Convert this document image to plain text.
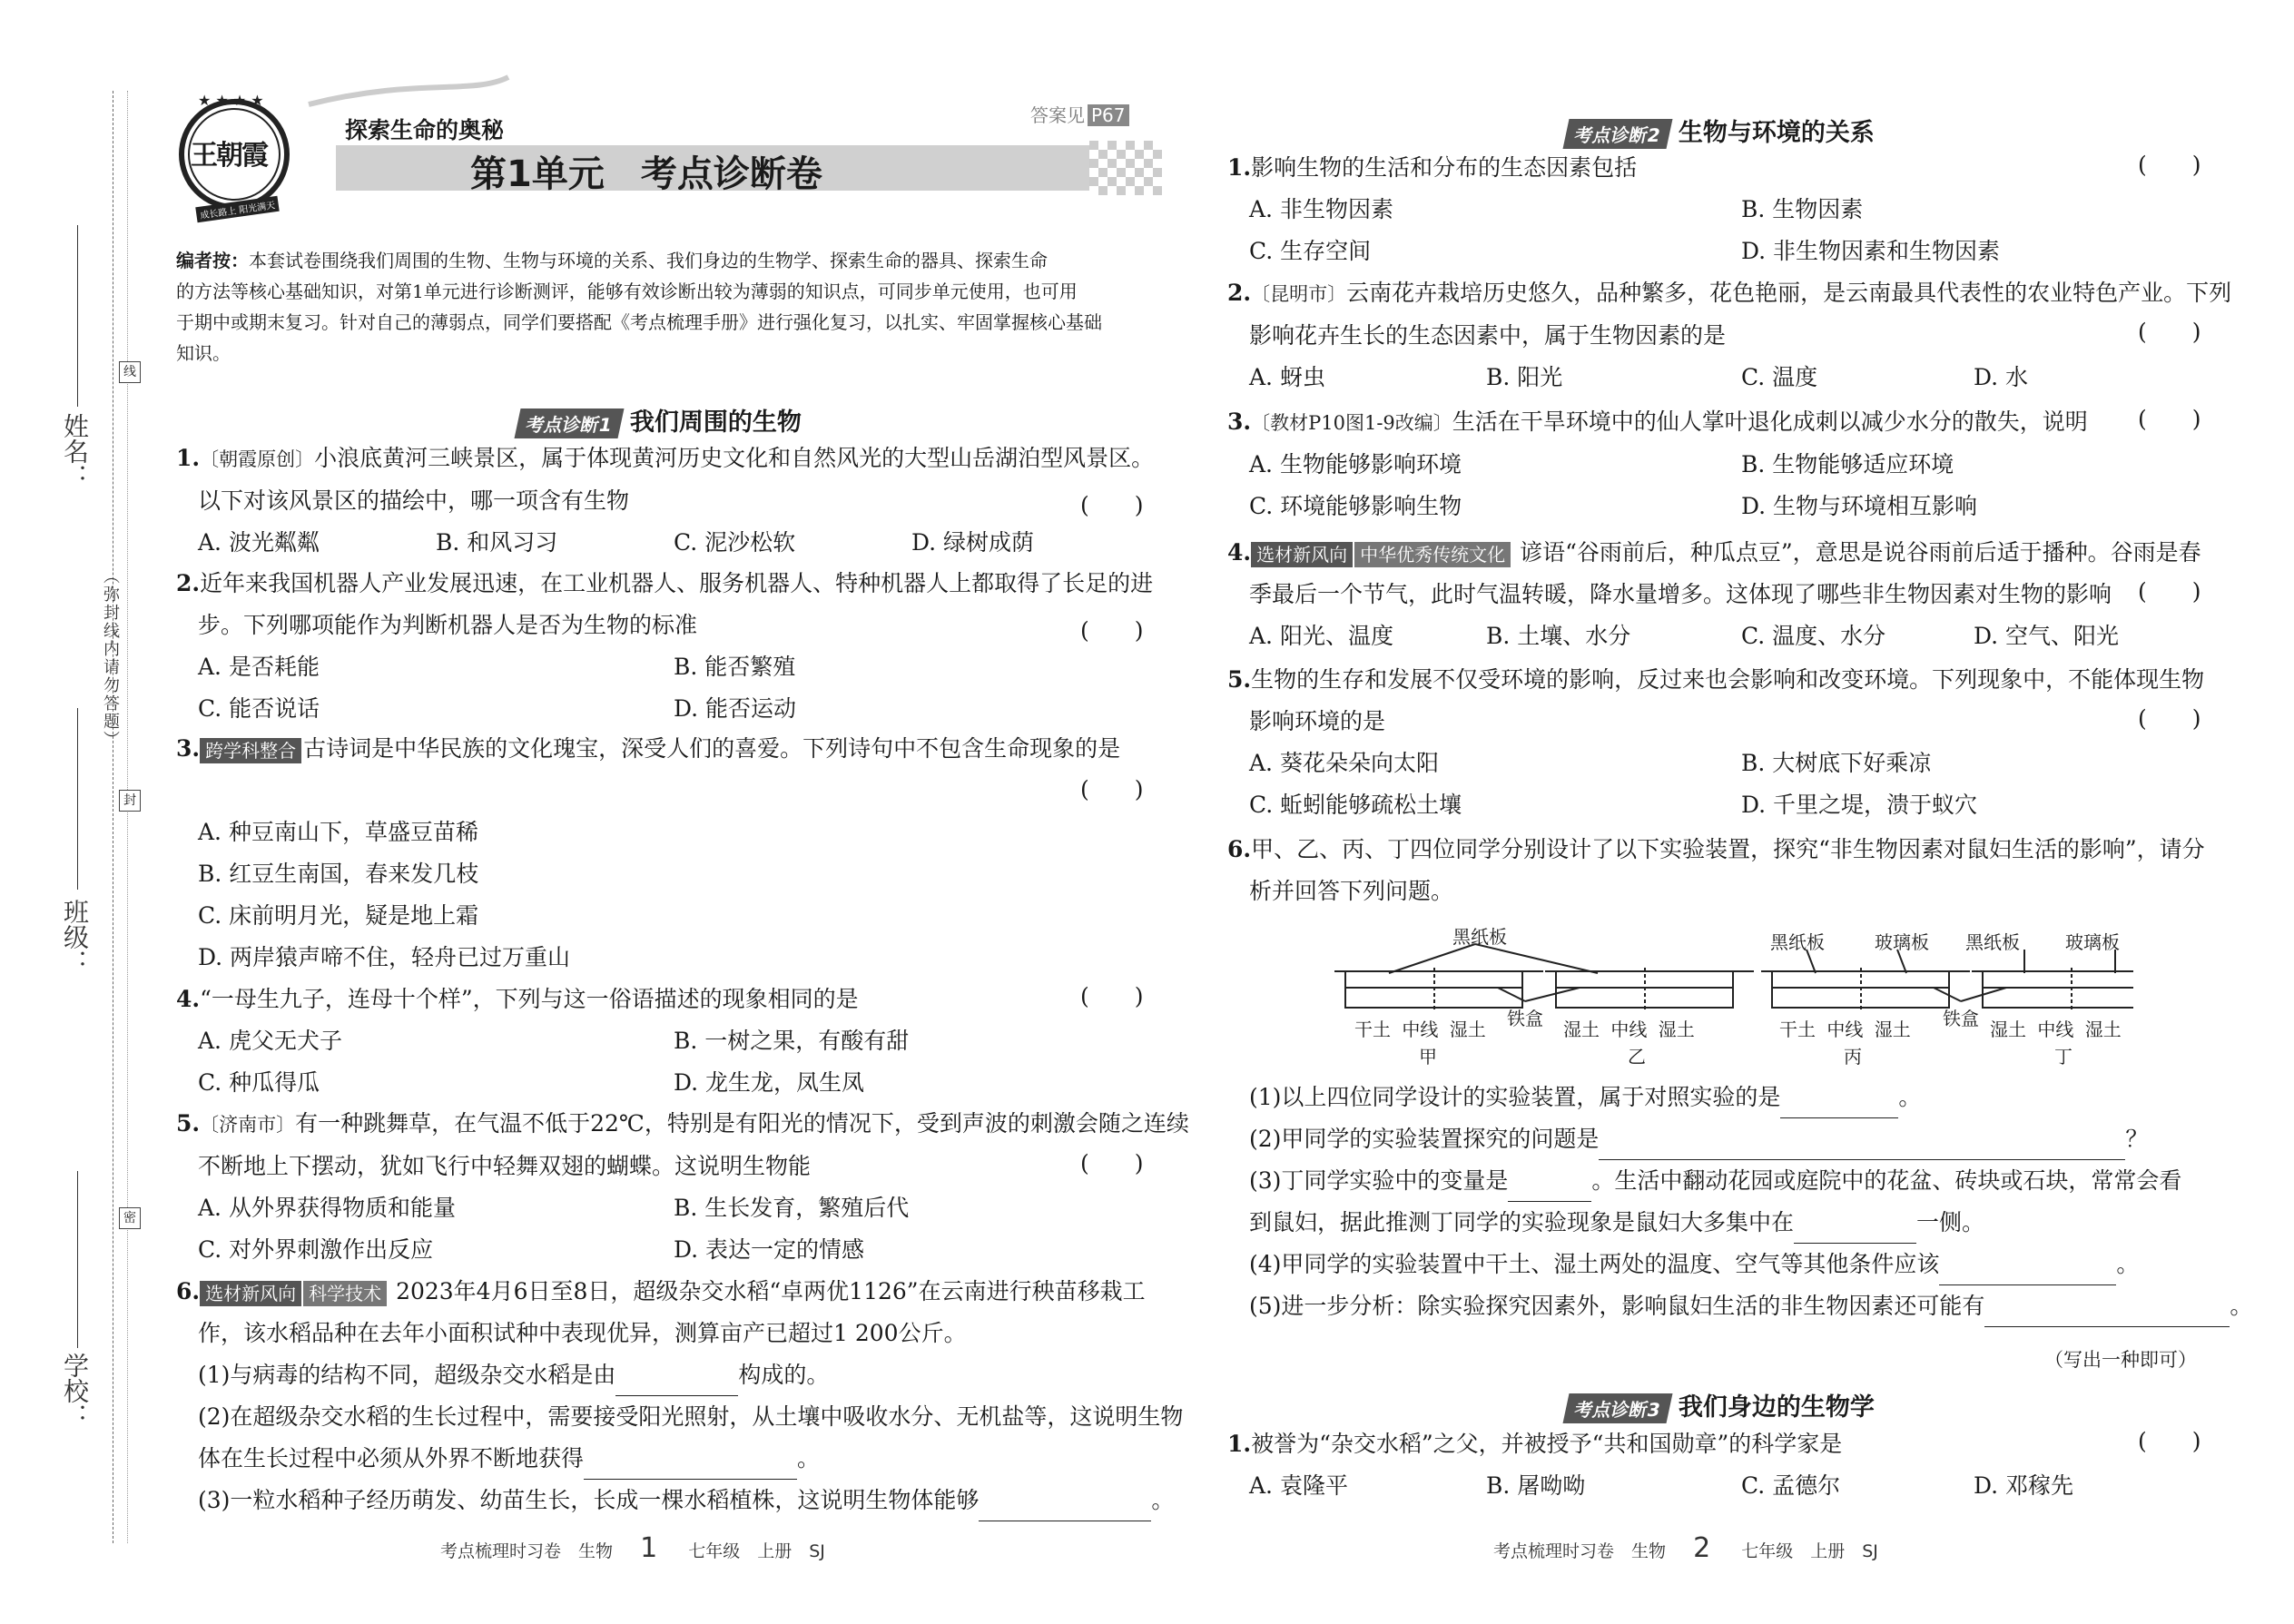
姓名：
班级：
学校：
（弥封线内请勿答题）
线
封
密
★ ★ ★ ★
王朝霞
成长路上 阳光满天
探索生命的奥秘
第1单元　考点诊断卷
答案见 P67
编者按：本套试卷围绕我们周围的生物、生物与环境的关系、我们身边的生物学、探索生命的器具、探索生命
的方法等核心基础知识，对第1单元进行诊断测评，能够有效诊断出较为薄弱的知识点，可同步单元使用，也可用
于期中或期末复习。针对自己的薄弱点，同学们要搭配《考点梳理手册》进行强化复习，以扎实、牢固掌握核心基础
知识。
考点诊断1 我们周围的生物
1.〔朝霞原创〕小浪底黄河三峡景区，属于体现黄河历史文化和自然风光的大型山岳湖泊型风景区。
以下对该风景区的描绘中，哪一项含有生物
A. 波光粼粼	B. 和风习习	C. 泥沙松软	D. 绿树成荫
(　　)
2.近年来我国机器人产业发展迅速，在工业机器人、服务机器人、特种机器人上都取得了长足的进
步。下列哪项能作为判断机器人是否为生物的标准
A. 是否耗能	B. 能否繁殖
C. 能否说话	D. 能否运动
(　　)
3. 跨学科整合 古诗词是中华民族的文化瑰宝，深受人们的喜爱。下列诗句中不包含生命现象的是
A. 种豆南山下，草盛豆苗稀
B. 红豆生南国，春来发几枝
C. 床前明月光，疑是地上霜
D. 两岸猿声啼不住，轻舟已过万重山
(　　)
4.“一母生九子，连母十个样”，下列与这一俗语描述的现象相同的是
A. 虎父无犬子	B. 一树之果，有酸有甜
C. 种瓜得瓜	D. 龙生龙，凤生凤
(　　)
5.〔济南市〕有一种跳舞草，在气温不低于22℃，特别是有阳光的情况下，受到声波的刺激会随之连续
不断地上下摆动，犹如飞行中轻舞双翅的蝴蝶。这说明生物能
A. 从外界获得物质和能量	B. 生长发育，繁殖后代
C. 对外界刺激作出反应	D. 表达一定的情感
(　　)
6. 选材新风向 科学技术 2023年4月6日至8日，超级杂交水稻“卓两优1126”在云南进行秧苗移栽工
作，该水稻品种在去年小面积试种中表现优异，测算亩产已超过1 200公斤。
(1)与病毒的结构不同，超级杂交水稻是由	构成的。
(2)在超级杂交水稻的生长过程中，需要接受阳光照射，从土壤中吸收水分、无机盐等，这说明生物
体在生长过程中必须从外界不断地获得	。
(3)一粒水稻种子经历萌发、幼苗生长，长成一棵水稻植株，这说明生物体能够	。
考点梳理时习卷　生物 1 七年级　上册　SJ
考点诊断2 生物与环境的关系
1.影响生物的生活和分布的生态因素包括
A. 非生物因素	B. 生物因素
C. 生存空间	D. 非生物因素和生物因素
(　　)
2.〔昆明市〕云南花卉栽培历史悠久，品种繁多，花色艳丽，是云南最具代表性的农业特色产业。下列
影响花卉生长的生态因素中，属于生物因素的是
A. 蚜虫	B. 阳光	C. 温度	D. 水
(　　)
3.〔教材P10图1-9改编〕生活在干旱环境中的仙人掌叶退化成刺以减少水分的散失，说明
A. 生物能够影响环境	B. 生物能够适应环境
C. 环境能够影响生物	D. 生物与环境相互影响
(　　)
4. 选材新风向 中华优秀传统文化 谚语“谷雨前后，种瓜点豆”，意思是说谷雨前后适于播种。谷雨是春
季最后一个节气，此时气温转暖，降水量增多。这体现了哪些非生物因素对生物的影响
A. 阳光、温度	B. 土壤、水分	C. 温度、水分	D. 空气、阳光
(　　)
5.生物的生存和发展不仅受环境的影响，反过来也会影响和改变环境。下列现象中，不能体现生物
影响环境的是
A. 葵花朵朵向太阳	B. 大树底下好乘凉
C. 蚯蚓能够疏松土壤	D. 千里之堤，溃于蚁穴
(　　)
6.甲、乙、丙、丁四位同学分别设计了以下实验装置，探究“非生物因素对鼠妇生活的影响”，请分
析并回答下列问题。
黑纸板
铁盒
黑纸板	玻璃板 黑纸板	玻璃板
铁盒
干土 中线 湿土
甲
湿土 中线 湿土
乙
干土 中线 湿土
丙
湿土 中线 湿土
丁
(1)以上四位同学设计的实验装置，属于对照实验的是	。
(2)甲同学的实验装置探究的问题是	？
(3)丁同学实验中的变量是	。生活中翻动花园或庭院中的花盆、砖块或石块，常常会看
到鼠妇，据此推测丁同学的实验现象是鼠妇大多集中在	一侧。
(4)甲同学的实验装置中干土、湿土两处的温度、空气等其他条件应该	。
(5)进一步分析：除实验探究因素外，影响鼠妇生活的非生物因素还可能有	。
（写出一种即可）
考点诊断3 我们身边的生物学
1.被誉为“杂交水稻”之父，并被授予“共和国勋章”的科学家是
A. 袁隆平	B. 屠呦呦	C. 孟德尔	D. 邓稼先
(　　)
考点梳理时习卷　生物 2 七年级　上册　SJ
